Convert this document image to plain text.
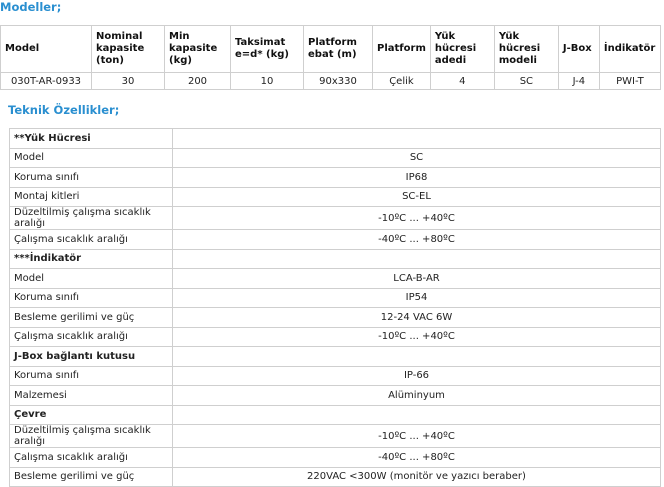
Modeller;
Model	Nominal kapasite (ton)	Min kapasite (kg)	Taksimat e=d* (kg)	Platform ebat (m)	Platform	Yük hücresi adedi	Yük hücresi modeli	J-Box	İndikatör
030T-AR-0933	30	200	10	90x330	Çelik	4	SC	J-4	PWI-T
Teknik Özellikler;
**Yük Hücresi	
Model	SC
Koruma sınıfı	IP68
Montaj kitleri	SC-EL
Düzeltilmiş çalışma sıcaklık aralığı	-10ºC ... +40ºC
Çalışma sıcaklık aralığı	-40ºC ... +80ºC
***İndikatör	
Model	LCA-B-AR
Koruma sınıfı	IP54
Besleme gerilimi ve güç	12-24 VAC 6W
Çalışma sıcaklık aralığı	-10ºC ... +40ºC
J-Box bağlantı kutusu	
Koruma sınıfı	IP-66
Malzemesi	Alüminyum
Çevre	
Düzeltilmiş çalışma sıcaklık aralığı	-10ºC ... +40ºC
Çalışma sıcaklık aralığı	-40ºC ... +80ºC
Besleme gerilimi ve güç	220VAC <300W (monitör ve yazıcı beraber)
